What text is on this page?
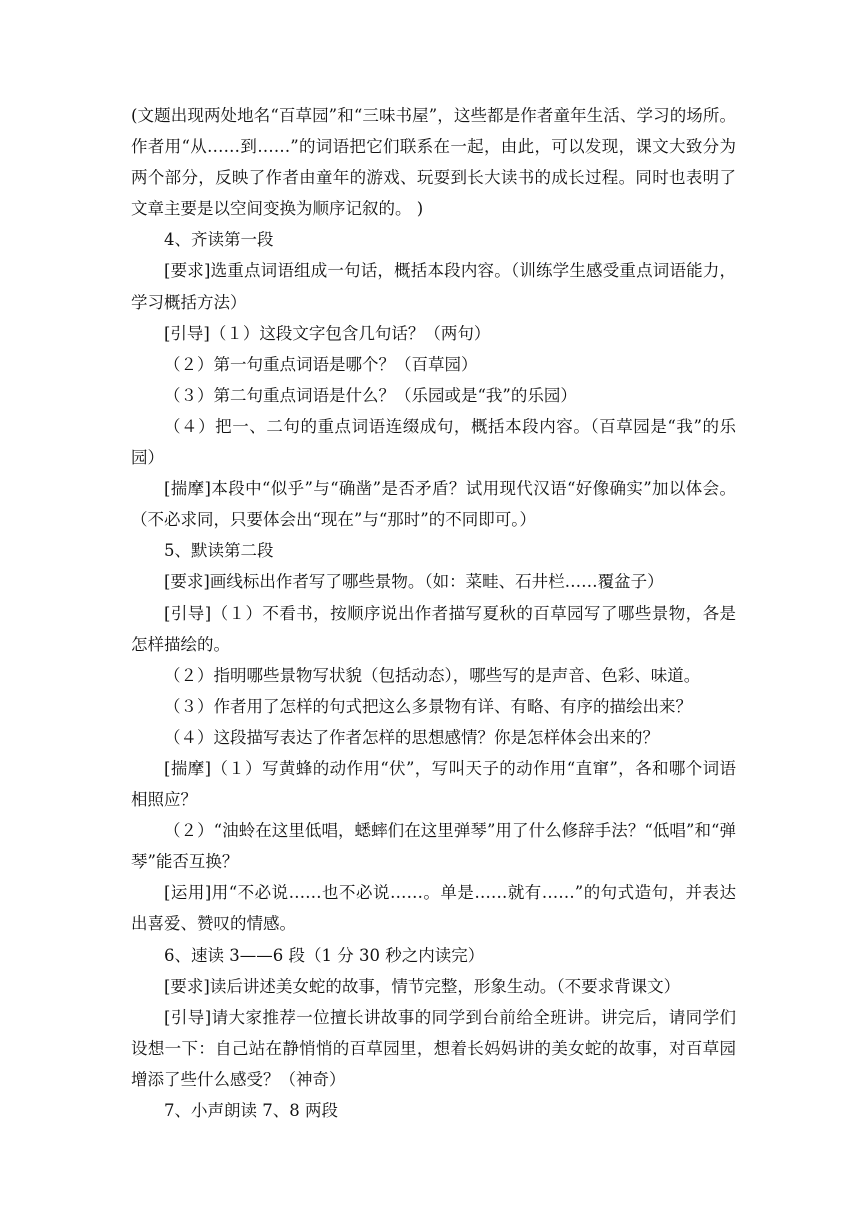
(文题出现两处地名“百草园”和“三味书屋”，这些都是作者童年生活、学习的场所。作者用“从……到……”的词语把它们联系在一起，由此，可以发现，课文大致分为两个部分，反映了作者由童年的游戏、玩耍到长大读书的成长过程。同时也表明了文章主要是以空间变换为顺序记叙的。 )

4、齐读第一段

[要求]选重点词语组成一句话，概括本段内容。（训练学生感受重点词语能力，学习概括方法）

[引导]（１）这段文字包含几句话？（两句）

（２）第一句重点词语是哪个？（百草园）

（３）第二句重点词语是什么？（乐园或是“我”的乐园）

（４）把一、二句的重点词语连缀成句，概括本段内容。（百草园是“我”的乐园）

[揣摩]本段中“似乎”与“确凿”是否矛盾？试用现代汉语“好像确实”加以体会。（不必求同，只要体会出“现在”与“那时”的不同即可。）

5、默读第二段

[要求]画线标出作者写了哪些景物。（如：菜畦、石井栏……覆盆子）

[引导]（１）不看书，按顺序说出作者描写夏秋的百草园写了哪些景物，各是怎样描绘的。

（２）指明哪些景物写状貌（包括动态），哪些写的是声音、色彩、味道。

（３）作者用了怎样的句式把这么多景物有详、有略、有序的描绘出来？

（４）这段描写表达了作者怎样的思想感情？你是怎样体会出来的？

[揣摩]（１）写黄蜂的动作用“伏”，写叫天子的动作用“直窜”，各和哪个词语相照应？

（２）“油蛉在这里低唱，蟋蟀们在这里弹琴”用了什么修辞手法？“低唱”和“弹琴”能否互换？

[运用]用“不必说……也不必说……。单是……就有……”的句式造句，并表达出喜爱、赞叹的情感。

6、速读 3——6 段（1 分 30 秒之内读完）

[要求]读后讲述美女蛇的故事，情节完整，形象生动。（不要求背课文）

[引导]请大家推荐一位擅长讲故事的同学到台前给全班讲。讲完后，请同学们设想一下：自己站在静悄悄的百草园里，想着长妈妈讲的美女蛇的故事，对百草园增添了些什么感受？（神奇）

7、小声朗读 7、8 两段
